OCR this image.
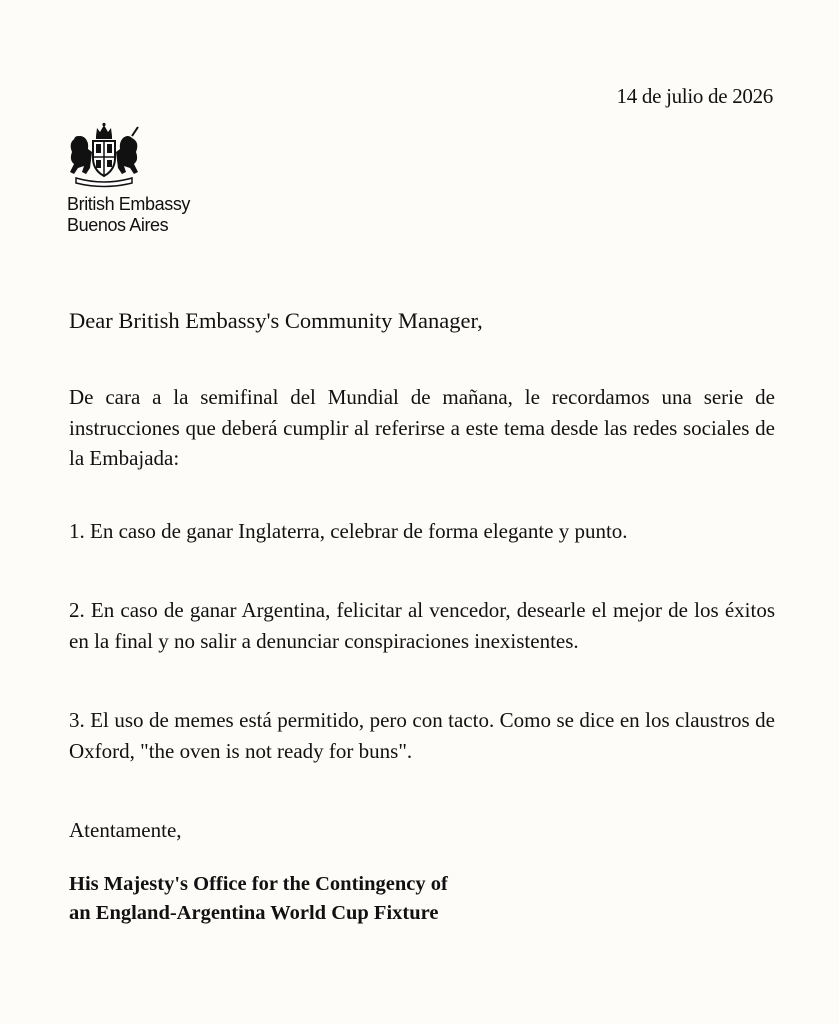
14 de julio de 2026
British Embassy
Buenos Aires
Dear British Embassy's Community Manager,
De cara a la semifinal del Mundial de mañana, le recordamos una serie de instrucciones que deberá cumplir al referirse a este tema desde las redes sociales de la Embajada:
1. En caso de ganar Inglaterra, celebrar de forma elegante y punto.
2. En caso de ganar Argentina, felicitar al vencedor, desearle el mejor de los éxitos en la final y no salir a denunciar conspiraciones inexistentes.
3. El uso de memes está permitido, pero con tacto. Como se dice en los claustros de Oxford, "the oven is not ready for buns".
Atentamente,
His Majesty's Office for the Contingency of
an England-Argentina World Cup Fixture
